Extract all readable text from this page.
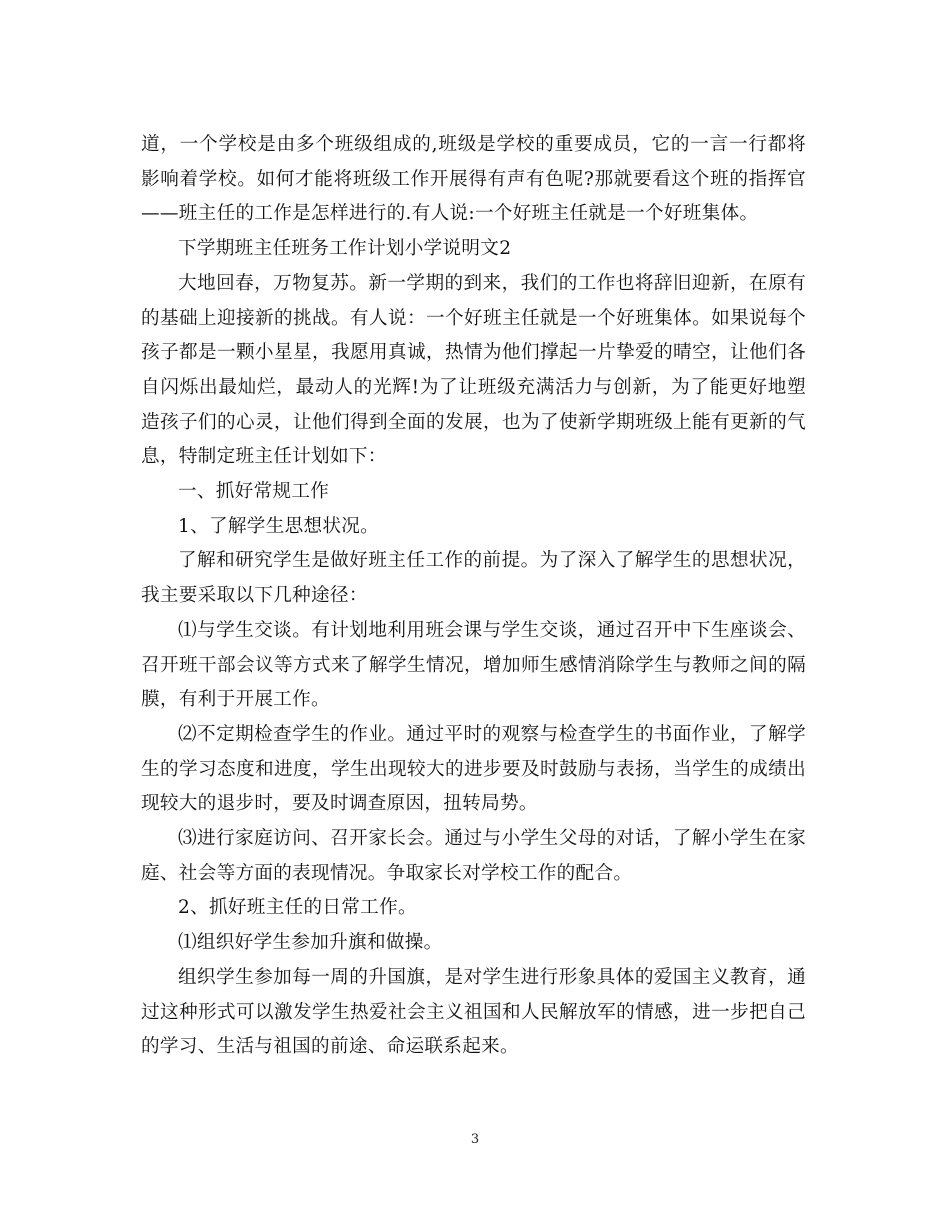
道，一个学校是由多个班级组成的,班级是学校的重要成员，它的一言一行都将影响着学校。如何才能将班级工作开展得有声有色呢?那就要看这个班的指挥官——班主任的工作是怎样进行的.有人说:一个好班主任就是一个好班集体。

下学期班主任班务工作计划小学说明文2

大地回春，万物复苏。新一学期的到来，我们的工作也将辞旧迎新，在原有的基础上迎接新的挑战。有人说：一个好班主任就是一个好班集体。如果说每个孩子都是一颗小星星，我愿用真诚，热情为他们撑起一片挚爱的晴空，让他们各自闪烁出最灿烂，最动人的光辉!为了让班级充满活力与创新，为了能更好地塑造孩子们的心灵，让他们得到全面的发展，也为了使新学期班级上能有更新的气息，特制定班主任计划如下：

一、抓好常规工作

1、了解学生思想状况。

了解和研究学生是做好班主任工作的前提。为了深入了解学生的思想状况，我主要采取以下几种途径：

⑴与学生交谈。有计划地利用班会课与学生交谈，通过召开中下生座谈会、召开班干部会议等方式来了解学生情况，增加师生感情消除学生与教师之间的隔膜，有利于开展工作。

⑵不定期检查学生的作业。通过平时的观察与检查学生的书面作业，了解学生的学习态度和进度，学生出现较大的进步要及时鼓励与表扬，当学生的成绩出现较大的退步时，要及时调查原因，扭转局势。

⑶进行家庭访问、召开家长会。通过与小学生父母的对话，了解小学生在家庭、社会等方面的表现情况。争取家长对学校工作的配合。

2、抓好班主任的日常工作。

⑴组织好学生参加升旗和做操。

组织学生参加每一周的升国旗，是对学生进行形象具体的爱国主义教育，通过这种形式可以激发学生热爱社会主义祖国和人民解放军的情感，进一步把自己的学习、生活与祖国的前途、命运联系起来。

3
